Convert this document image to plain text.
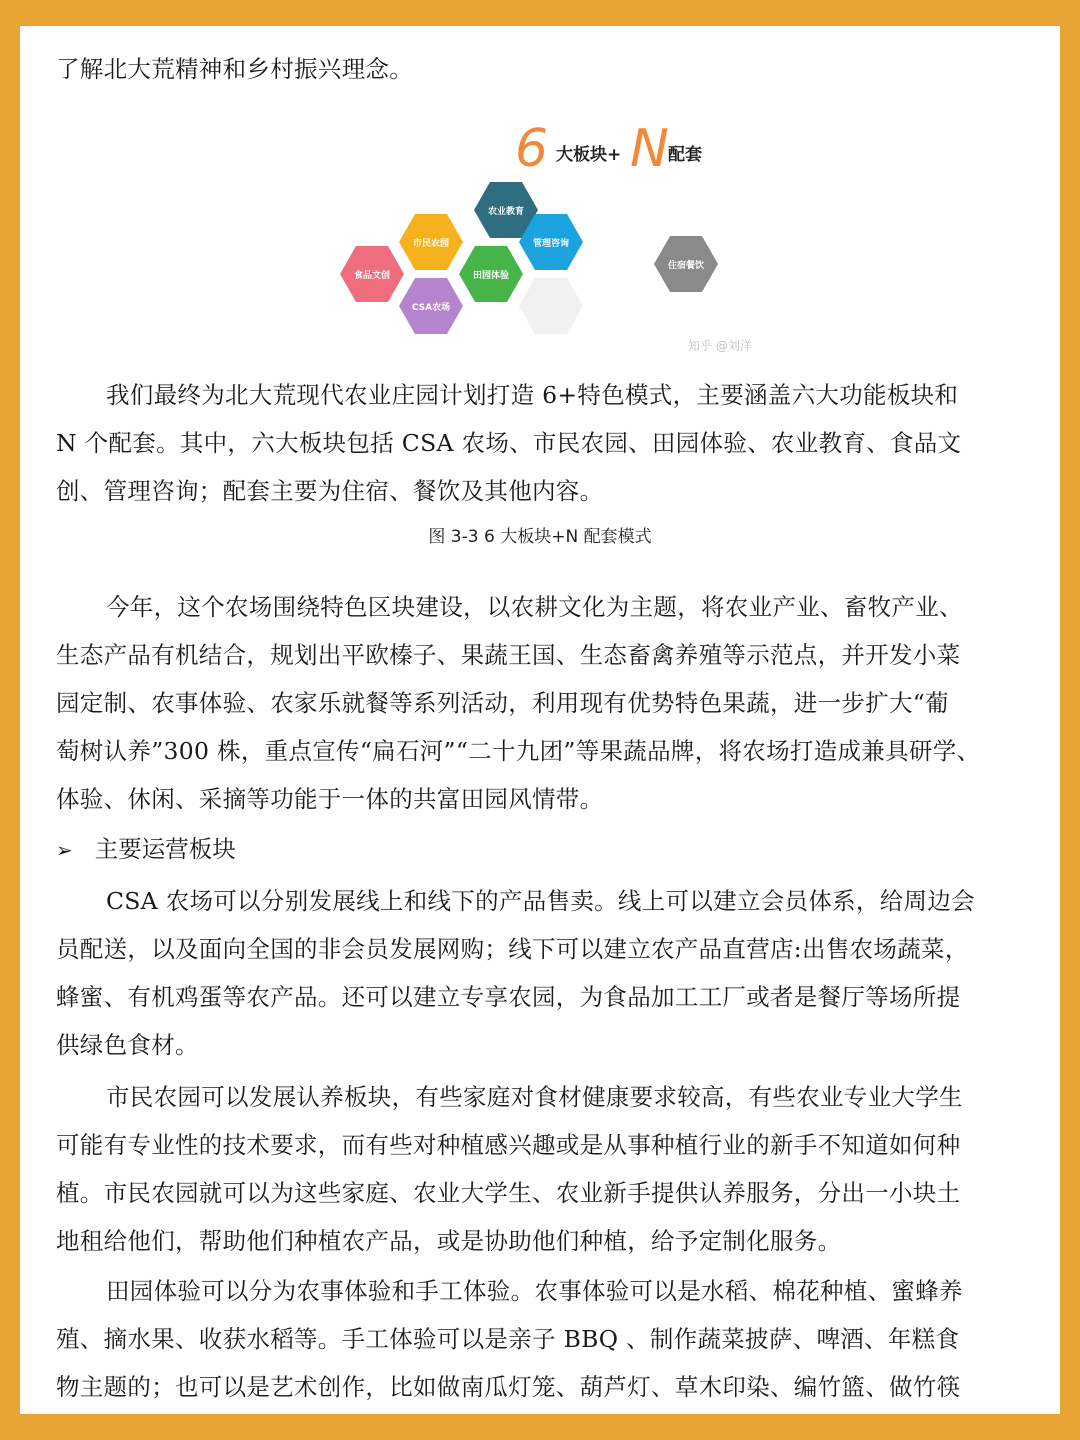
了解北大荒精神和乡村振兴理念。
6 大板块+ N 配套
农业教育
市民农园	管理咨询
食品文创	田园体验
CSA农场
住宿餐饮
知乎 @刘洋
我们最终为北大荒现代农业庄园计划打造 6+特色模式，主要涵盖六大功能板块和
N 个配套。其中，六大板块包括 CSA 农场、市民农园、田园体验、农业教育、食品文
创、管理咨询；配套主要为住宿、餐饮及其他内容。
图 3-3 6 大板块+N 配套模式
今年，这个农场围绕特色区块建设，以农耕文化为主题，将农业产业、畜牧产业、
生态产品有机结合，规划出平欧榛子、果蔬王国、生态畜禽养殖等示范点，并开发小菜
园定制、农事体验、农家乐就餐等系列活动，利用现有优势特色果蔬，进一步扩大“葡
萄树认养”300 株，重点宣传“扁石河”“二十九团”等果蔬品牌，将农场打造成兼具研学、
体验、休闲、采摘等功能于一体的共富田园风情带。
➢ 主要运营板块
CSA 农场可以分别发展线上和线下的产品售卖。线上可以建立会员体系，给周边会
员配送，以及面向全国的非会员发展网购；线下可以建立农产品直营店:出售农场蔬菜，
蜂蜜、有机鸡蛋等农产品。还可以建立专享农园，为食品加工工厂或者是餐厅等场所提
供绿色食材。
市民农园可以发展认养板块，有些家庭对食材健康要求较高，有些农业专业大学生
可能有专业性的技术要求，而有些对种植感兴趣或是从事种植行业的新手不知道如何种
植。市民农园就可以为这些家庭、农业大学生、农业新手提供认养服务，分出一小块土
地租给他们，帮助他们种植农产品，或是协助他们种植，给予定制化服务。
田园体验可以分为农事体验和手工体验。农事体验可以是水稻、棉花种植、蜜蜂养
殖、摘水果、收获水稻等。手工体验可以是亲子 BBQ 、制作蔬菜披萨、啤酒、年糕食
物主题的；也可以是艺术创作，比如做南瓜灯笼、葫芦灯、草木印染、编竹篮、做竹筷
